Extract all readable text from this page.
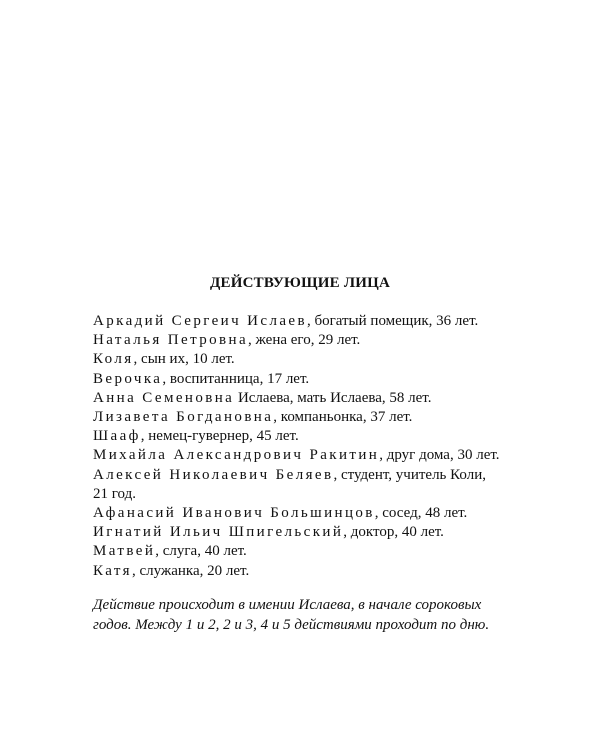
ДЕЙСТВУЮЩИЕ ЛИЦА
Аркадий Сергеич Ислаев, богатый помещик, 36 лет.
Наталья Петровна, жена его, 29 лет.
Коля, сын их, 10 лет.
Верочка, воспитанница, 17 лет.
Анна Семеновна Ислаева, мать Ислаева, 58 лет.
Лизавета Богдановна, компаньонка, 37 лет.
Шааф, немец-гувернер, 45 лет.
Михайла Александрович Ракитин, друг дома, 30 лет.
Алексей Николаевич Беляев, студент, учитель Коли,
21 год.
Афанасий Иванович Большинцов, сосед, 48 лет.
Игнатий Ильич Шпигельский, доктор, 40 лет.
Матвей, слуга, 40 лет.
Катя, служанка, 20 лет.
Действие происходит в имении Ислаева, в начале сороковых годов. Между 1 и 2, 2 и 3, 4 и 5 действиями проходит по дню.
